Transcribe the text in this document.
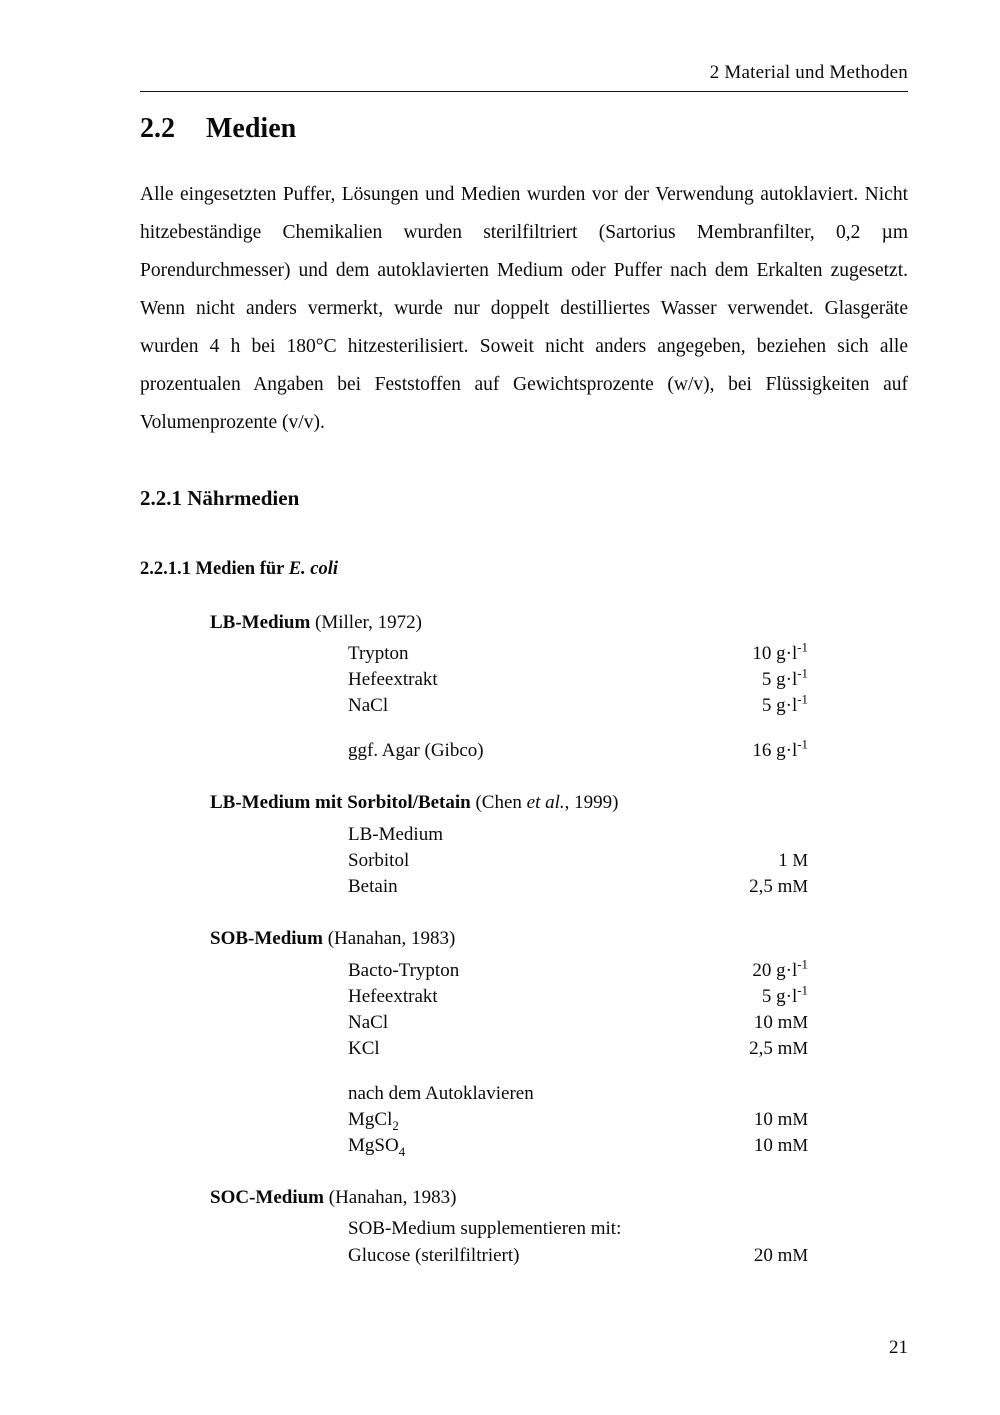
2 Material und Methoden
2.2 Medien

Alle eingesetzten Puffer, Lösungen und Medien wurden vor der Verwendung autoklaviert. Nicht hitzebeständige Chemikalien wurden sterilfiltriert (Sartorius Membranfilter, 0,2 µm Porendurchmesser) und dem autoklavierten Medium oder Puffer nach dem Erkalten zugesetzt. Wenn nicht anders vermerkt, wurde nur doppelt destilliertes Wasser verwendet. Glasgeräte wurden 4 h bei 180°C hitzesterilisiert. Soweit nicht anders angegeben, beziehen sich alle prozentualen Angaben bei Feststoffen auf Gewichtsprozente (w/v), bei Flüssigkeiten auf Volumenprozente (v/v).

2.2.1 Nährmedien
2.2.1.1 Medien für E. coli
LB-Medium (Miller, 1972)
Trypton	10 $g\cdot l^{-1}$
Hefeextrakt	5 $g\cdot l^{-1}$
NaCl	5 $g\cdot l^{-1}$

ggf. Agar (Gibco)	16 $g\cdot l^{-1}$
LB-Medium mit Sorbitol/Betain (Chen et al., 1999)
LB-Medium	
Sorbitol	1 M
Betain	2,5 mM
SOB-Medium (Hanahan, 1983)
Bacto-Trypton	20 $g\cdot l^{-1}$
Hefeextrakt	5 $g\cdot l^{-1}$
NaCl	10 mM
KCl	2,5 mM

nach dem Autoklavieren	
MgCl$_2$	10 mM
MgSO$_4$	10 mM
SOC-Medium (Hanahan, 1983)
SOB-Medium supplementieren mit:	
Glucose (sterilfiltriert)	20 mM
21
